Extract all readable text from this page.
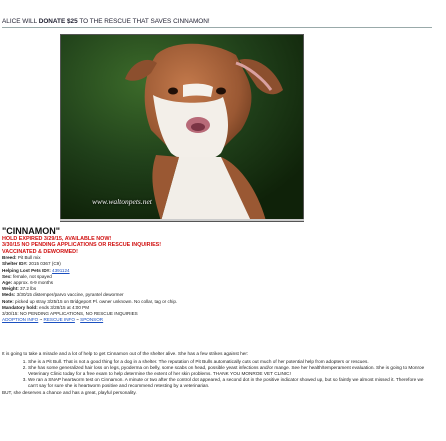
ALICE WILL DONATE $25 TO THE RESCUE THAT SAVES CINNAMON!
www.waltonpets.net
"CINNAMON"
HOLD EXPIRED 3/29/15, AVAILABLE NOW!
3/30/15 NO PENDING APPLICATIONS OR RESCUE INQUIRIES!
VACCINATED & DEWORMED!
Breed: Pit Bull mix
Shelter ID#: 2015 0367 (C9)
Helping Lost Pets ID#: 4391124
Sex: female, not spayed
Age: approx. 6-9 months
Weight: 37.2 lbs
Meds: 3/30/15 distemper/parvo vaccine, pyrantel dewormer
Note: picked up stray 3/25/15 on Bridgeport Pl. owner unknown. No collar, tag or chip.
Mandatory hold: ends 3/28/15 at 4:00 PM
3/30/15: NO PENDING APPLICATIONS, NO RESCUE INQUIRIES
ADOPTION INFO ~ RESCUE INFO ~ SPONSOR
It is going to take a miracle and a lot of help to get Cinnamon out of the shelter alive. She has a few strikes against her:
1. She is a Pit Bull. That is not a good thing for a dog in a shelter. The reputation of Pit Bulls automatically cuts out much of her potential help from adopters or rescues.
2. She has some generalized hair loss on legs, pyoderma on belly, some scabs on head, possible yeast infections and/or mange. See her health/temperament evaluation. She is going to Monroe Veterinary Clinic today for a free exam to help determine the extent of her skin problems. THANK YOU MONROE VET CLINIC!
3. We ran a SNAP heartworm test on Cinnamon. A minute or two after the control dot appeared, a second dot in the positive indicator showed up, but so faintly we almost missed it. Therefore we can't say for sure she is heartworm positive and recommend retesting by a veterinarian.
BUT, she deserves a chance and has a great, playful personality.
